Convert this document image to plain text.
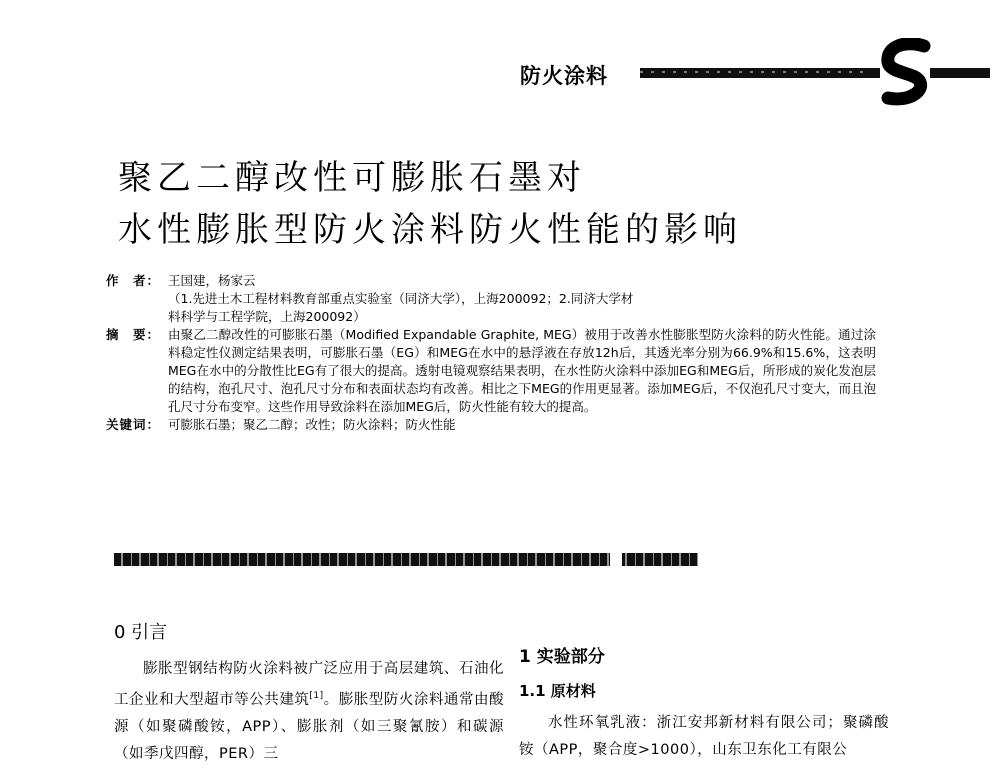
防火涂料
聚乙二醇改性可膨胀石墨对
水性膨胀型防火涂料防火性能的影响
作　者： 王国建，杨家云
（1.先进土木工程材料教育部重点实验室（同济大学），上海200092；2.同济大学材
料科学与工程学院，上海200092）
摘　要： 由聚乙二醇改性的可膨胀石墨（Modified Expandable Graphite, MEG）被用于改善水性膨胀型防火涂料的防火性能。通过涂料稳定性仪测定结果表明，可膨胀石墨（EG）和MEG在水中的悬浮液在存放12h后，其透光率分别为66.9%和15.6%，这表明MEG在水中的分散性比EG有了很大的提高。透射电镜观察结果表明，在水性防火涂料中添加EG和MEG后，所形成的炭化发泡层的结构，泡孔尺寸、泡孔尺寸分布和表面状态均有改善。相比之下MEG的作用更显著。添加MEG后，不仅泡孔尺寸变大，而且泡孔尺寸分布变窄。这些作用导致涂料在添加MEG后，防火性能有较大的提高。
关键词： 可膨胀石墨；聚乙二醇；改性；防火涂料；防火性能
0 引言

膨胀型钢结构防火涂料被广泛应用于高层建筑、石油化工企业和大型超市等公共建筑[1]。膨胀型防火涂料通常由酸源（如聚磷酸铵，APP）、膨胀剂（如三聚氰胺）和碳源（如季戊四醇，PER）三

1 实验部分
1.1 原材料

水性环氧乳液：浙江安邦新材料有限公司；聚磷酸铵（APP，聚合度>1000），山东卫东化工有限公
